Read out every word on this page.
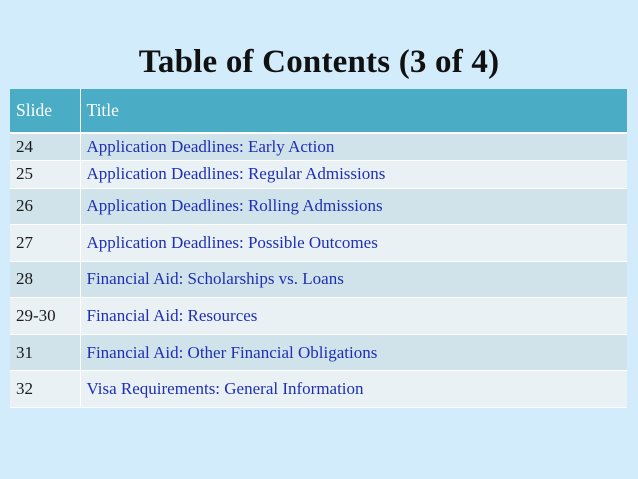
Table of Contents (3 of 4)
Slide	Title
24	Application Deadlines: Early Action
25	Application Deadlines: Regular Admissions
26	Application Deadlines: Rolling Admissions
27	Application Deadlines: Possible Outcomes
28	Financial Aid: Scholarships vs. Loans
29-30	Financial Aid: Resources
31	Financial Aid: Other Financial Obligations
32	Visa Requirements: General Information
